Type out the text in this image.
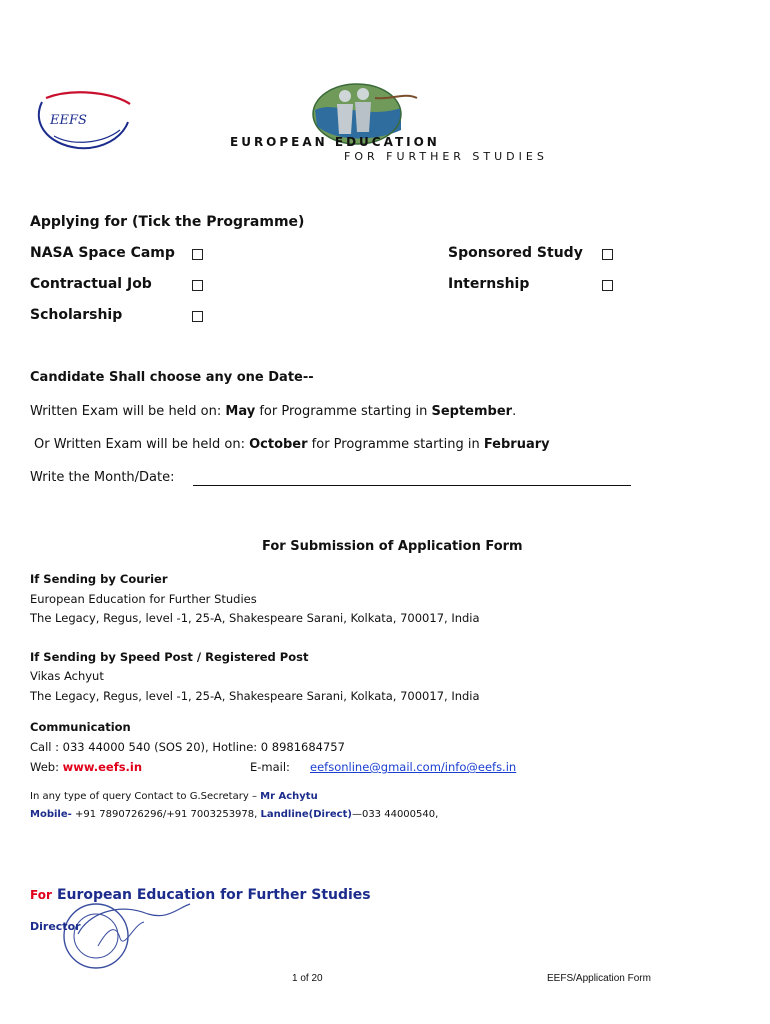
EEFS
EUROPEAN EDUCATION
FOR FURTHER STUDIES
Applying for (Tick the Programme)
NASA Space Camp	Sponsored Study
Contractual Job	Internship
Scholarship
Candidate Shall choose any one Date--
Written Exam will be held on: May for Programme starting in September.
Or Written Exam will be held on: October for Programme starting in February
Write the Month/Date:
For Submission of Application Form
If Sending by Courier
European Education for Further Studies
The Legacy, Regus, level -1, 25-A, Shakespeare Sarani, Kolkata, 700017, India
If Sending by Speed Post / Registered Post
Vikas Achyut
The Legacy, Regus, level -1, 25-A, Shakespeare Sarani, Kolkata, 700017, India
Communication
Call : 033 44000 540 (SOS 20), Hotline: 0 8981684757
Web: www.eefs.in	E-mail: eefsonline@gmail.com/info@eefs.in
In any type of query Contact to G.Secretary – Mr Achytu
Mobile- +91 7890726296/+91 7003253978, Landline(Direct)—033 44000540,
For European Education for Further Studies
Director
1 of 20	EEFS/Application Form
